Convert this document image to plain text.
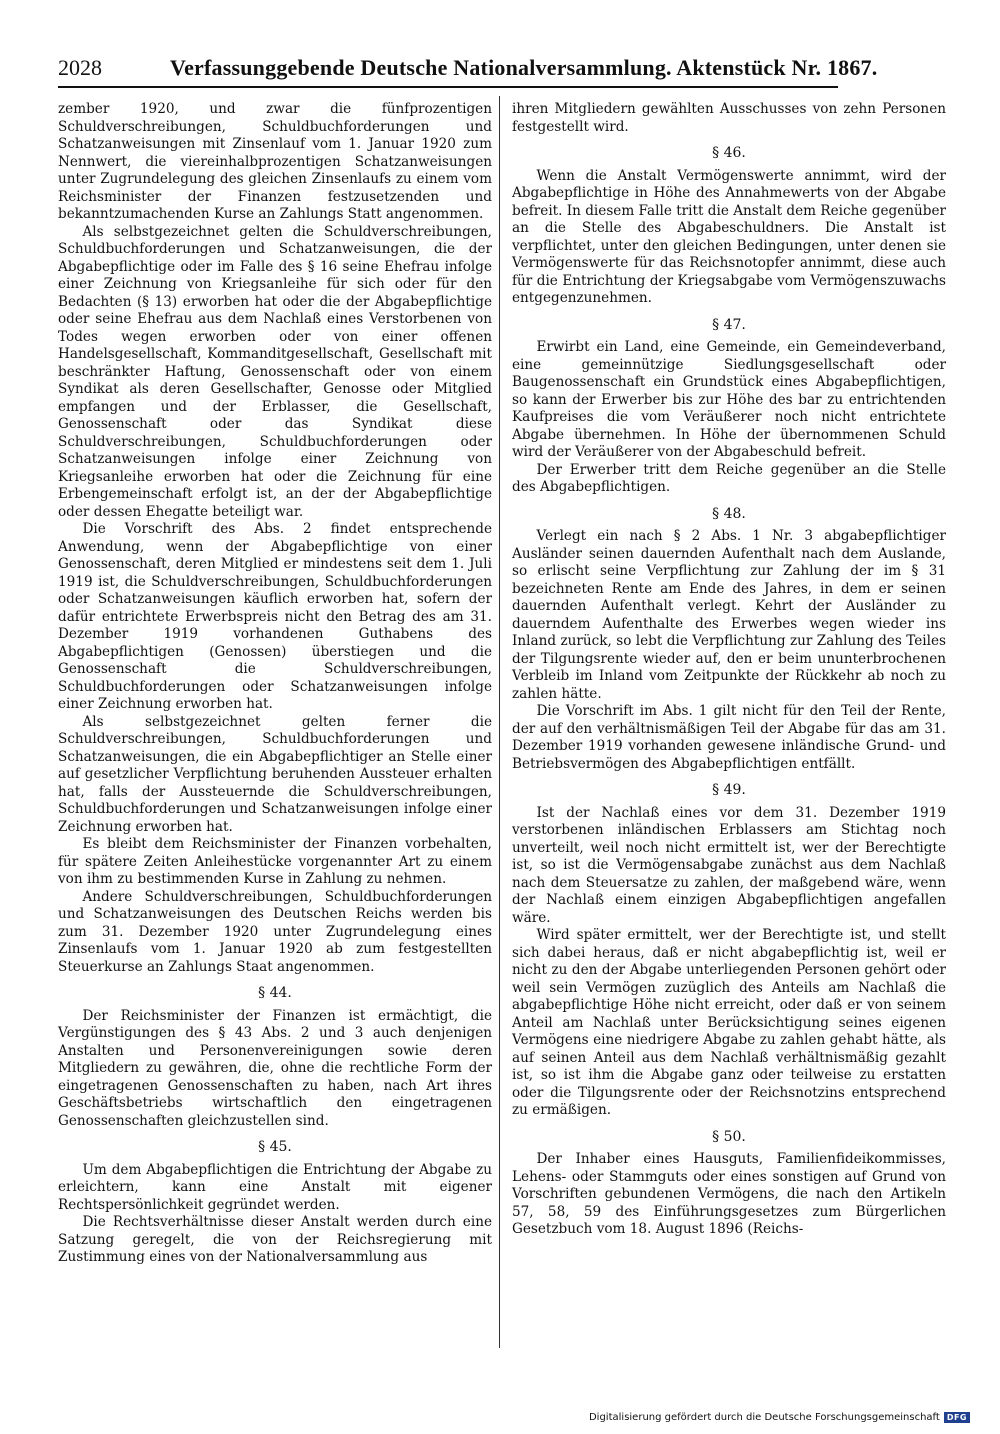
2028	Verfassunggebende Deutsche Nationalversammlung. Aktenstück Nr. 1867.

zember 1920, und zwar die fünfprozentigen Schuldverschreibungen, Schuldbuchforderungen und Schatzanweisungen mit Zinsenlauf vom 1. Januar 1920 zum Nennwert, die viereinhalbprozentigen Schatzanweisungen unter Zugrundelegung des gleichen Zinsenlaufs zu einem vom Reichsminister der Finanzen festzusetzenden und bekanntzumachenden Kurse an Zahlungs Statt angenommen.

Als selbstgezeichnet gelten die Schuldverschreibungen, Schuldbuchforderungen und Schatzanweisungen, die der Abgabepflichtige oder im Falle des § 16 seine Ehefrau infolge einer Zeichnung von Kriegsanleihe für sich oder für den Bedachten (§ 13) erworben hat oder die der Abgabepflichtige oder seine Ehefrau aus dem Nachlaß eines Verstorbenen von Todes wegen erworben oder von einer offenen Handelsgesellschaft, Kommanditgesellschaft, Gesellschaft mit beschränkter Haftung, Genossenschaft oder von einem Syndikat als deren Gesellschafter, Genosse oder Mitglied empfangen und der Erblasser, die Gesellschaft, Genossenschaft oder das Syndikat diese Schuldverschreibungen, Schuldbuchforderungen oder Schatzanweisungen infolge einer Zeichnung von Kriegsanleihe erworben hat oder die Zeichnung für eine Erbengemeinschaft erfolgt ist, an der der Abgabepflichtige oder dessen Ehegatte beteiligt war.

Die Vorschrift des Abs. 2 findet entsprechende Anwendung, wenn der Abgabepflichtige von einer Genossenschaft, deren Mitglied er mindestens seit dem 1. Juli 1919 ist, die Schuldverschreibungen, Schuldbuchforderungen oder Schatzanweisungen käuflich erworben hat, sofern der dafür entrichtete Erwerbspreis nicht den Betrag des am 31. Dezember 1919 vorhandenen Guthabens des Abgabepflichtigen (Genossen) überstiegen und die Genossenschaft die Schuldverschreibungen, Schuldbuchforderungen oder Schatzanweisungen infolge einer Zeichnung erworben hat.

Als selbstgezeichnet gelten ferner die Schuldverschreibungen, Schuldbuchforderungen und Schatzanweisungen, die ein Abgabepflichtiger an Stelle einer auf gesetzlicher Verpflichtung beruhenden Aussteuer erhalten hat, falls der Aussteuernde die Schuldverschreibungen, Schuldbuchforderungen und Schatzanweisungen infolge einer Zeichnung erworben hat.

Es bleibt dem Reichsminister der Finanzen vorbehalten, für spätere Zeiten Anleihestücke vorgenannter Art zu einem von ihm zu bestimmenden Kurse in Zahlung zu nehmen.

Andere Schuldverschreibungen, Schuldbuchforderungen und Schatzanweisungen des Deutschen Reichs werden bis zum 31. Dezember 1920 unter Zugrundelegung eines Zinsenlaufs vom 1. Januar 1920 ab zum festgestellten Steuerkurse an Zahlungs Staat angenommen.

§ 44.

Der Reichsminister der Finanzen ist ermächtigt, die Vergünstigungen des § 43 Abs. 2 und 3 auch denjenigen Anstalten und Personenvereinigungen sowie deren Mitgliedern zu gewähren, die, ohne die rechtliche Form der eingetragenen Genossenschaften zu haben, nach Art ihres Geschäftsbetriebs wirtschaftlich den eingetragenen Genossenschaften gleichzustellen sind.

§ 45.

Um dem Abgabepflichtigen die Entrichtung der Abgabe zu erleichtern, kann eine Anstalt mit eigener Rechtspersönlichkeit gegründet werden.

Die Rechtsverhältnisse dieser Anstalt werden durch eine Satzung geregelt, die von der Reichsregierung mit Zustimmung eines von der Nationalversammlung aus

ihren Mitgliedern gewählten Ausschusses von zehn Personen festgestellt wird.

§ 46.

Wenn die Anstalt Vermögenswerte annimmt, wird der Abgabepflichtige in Höhe des Annahmewerts von der Abgabe befreit. In diesem Falle tritt die Anstalt dem Reiche gegenüber an die Stelle des Abgabeschuldners. Die Anstalt ist verpflichtet, unter den gleichen Bedingungen, unter denen sie Vermögenswerte für das Reichsnotopfer annimmt, diese auch für die Entrichtung der Kriegsabgabe vom Vermögenszuwachs entgegenzunehmen.

§ 47.

Erwirbt ein Land, eine Gemeinde, ein Gemeindeverband, eine gemeinnützige Siedlungsgesellschaft oder Baugenossenschaft ein Grundstück eines Abgabepflichtigen, so kann der Erwerber bis zur Höhe des bar zu entrichtenden Kaufpreises die vom Veräußerer noch nicht entrichtete Abgabe übernehmen. In Höhe der übernommenen Schuld wird der Veräußerer von der Abgabeschuld befreit.

Der Erwerber tritt dem Reiche gegenüber an die Stelle des Abgabepflichtigen.

§ 48.

Verlegt ein nach § 2 Abs. 1 Nr. 3 abgabepflichtiger Ausländer seinen dauernden Aufenthalt nach dem Auslande, so erlischt seine Verpflichtung zur Zahlung der im § 31 bezeichneten Rente am Ende des Jahres, in dem er seinen dauernden Aufenthalt verlegt. Kehrt der Ausländer zu dauerndem Aufenthalte des Erwerbes wegen wieder ins Inland zurück, so lebt die Verpflichtung zur Zahlung des Teiles der Tilgungsrente wieder auf, den er beim ununterbrochenen Verbleib im Inland vom Zeitpunkte der Rückkehr ab noch zu zahlen hätte.

Die Vorschrift im Abs. 1 gilt nicht für den Teil der Rente, der auf den verhältnismäßigen Teil der Abgabe für das am 31. Dezember 1919 vorhanden gewesene inländische Grund- und Betriebsvermögen des Abgabepflichtigen entfällt.

§ 49.

Ist der Nachlaß eines vor dem 31. Dezember 1919 verstorbenen inländischen Erblassers am Stichtag noch unverteilt, weil noch nicht ermittelt ist, wer der Berechtigte ist, so ist die Vermögensabgabe zunächst aus dem Nachlaß nach dem Steuersatze zu zahlen, der maßgebend wäre, wenn der Nachlaß einem einzigen Abgabepflichtigen angefallen wäre.

Wird später ermittelt, wer der Berechtigte ist, und stellt sich dabei heraus, daß er nicht abgabepflichtig ist, weil er nicht zu den der Abgabe unterliegenden Personen gehört oder weil sein Vermögen zuzüglich des Anteils am Nachlaß die abgabepflichtige Höhe nicht erreicht, oder daß er von seinem Anteil am Nachlaß unter Berücksichtigung seines eigenen Vermögens eine niedrigere Abgabe zu zahlen gehabt hätte, als auf seinen Anteil aus dem Nachlaß verhältnismäßig gezahlt ist, so ist ihm die Abgabe ganz oder teilweise zu erstatten oder die Tilgungsrente oder der Reichsnotzins entsprechend zu ermäßigen.

§ 50.

Der Inhaber eines Hausguts, Familienfideikommisses, Lehens- oder Stammguts oder eines sonstigen auf Grund von Vorschriften gebundenen Vermögens, die nach den Artikeln 57, 58, 59 des Einführungsgesetzes zum Bürgerlichen Gesetzbuch vom 18. August 1896 (Reichs-

Digitalisierung gefördert durch die Deutsche Forschungsgemeinschaft DFG
